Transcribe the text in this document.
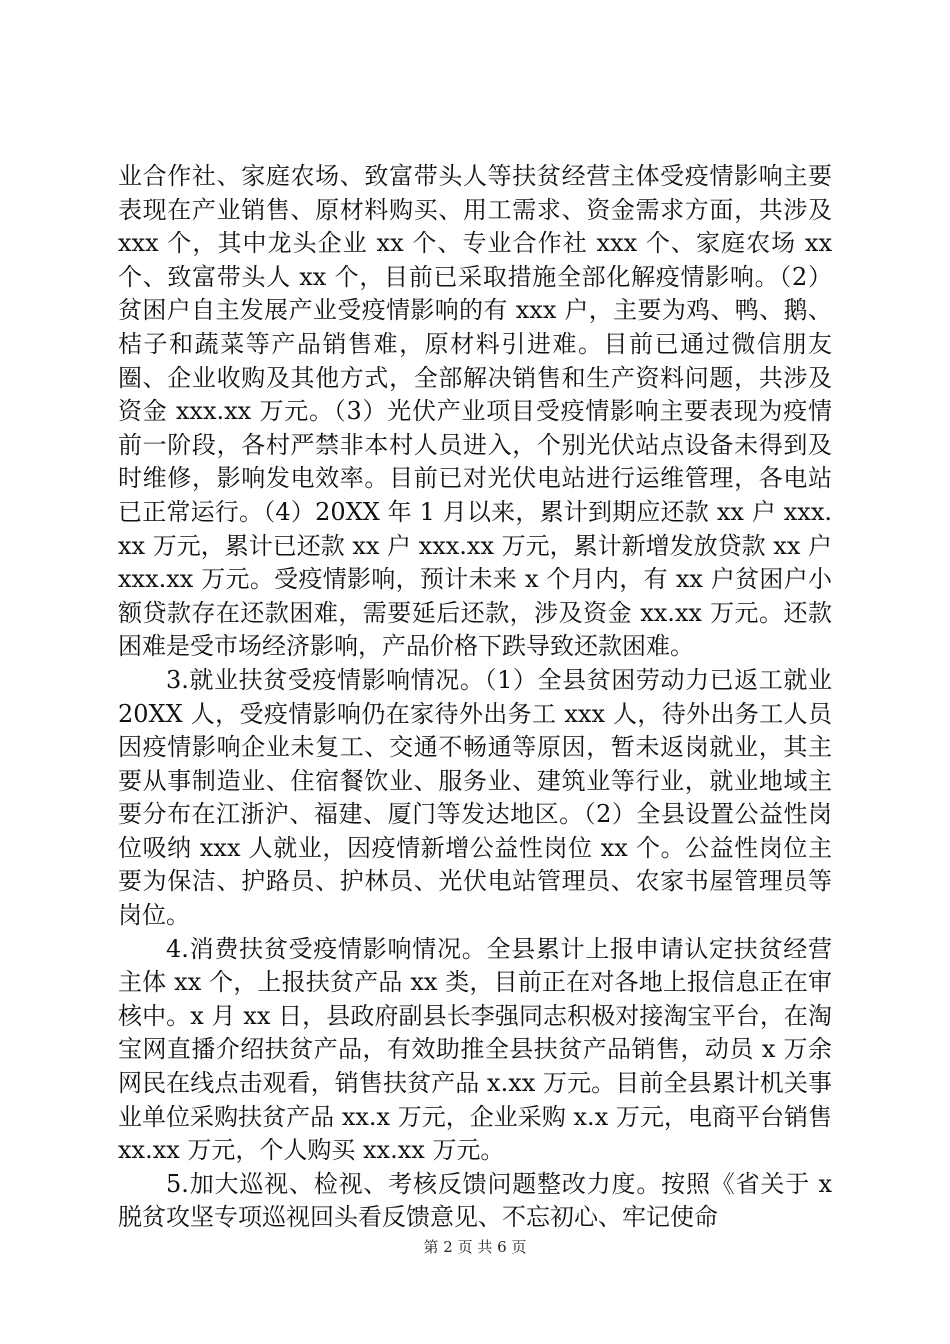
业合作社、家庭农场、致富带头人等扶贫经营主体受疫情影响主要表现在产业销售、原材料购买、用工需求、资金需求方面，共涉及 xxx 个，其中龙头企业 xx 个、专业合作社 xxx 个、家庭农场 xx 个、致富带头人 xx 个，目前已采取措施全部化解疫情影响。（2）贫困户自主发展产业受疫情影响的有 xxx 户，主要为鸡、鸭、鹅、桔子和蔬菜等产品销售难，原材料引进难。目前已通过微信朋友圈、企业收购及其他方式，全部解决销售和生产资料问题，共涉及资金 xxx.xx 万元。（3）光伏产业项目受疫情影响主要表现为疫情前一阶段，各村严禁非本村人员进入，个别光伏站点设备未得到及时维修，影响发电效率。目前已对光伏电站进行运维管理，各电站已正常运行。（4）20XX 年 1 月以来，累计到期应还款 xx 户 xxx.xx 万元，累计已还款 xx 户 xxx.xx 万元，累计新增发放贷款 xx 户 xxx.xx 万元。受疫情影响，预计未来 x 个月内，有 xx 户贫困户小额贷款存在还款困难，需要延后还款，涉及资金 xx.xx 万元。还款困难是受市场经济影响，产品价格下跌导致还款困难。

3.就业扶贫受疫情影响情况。（1）全县贫困劳动力已返工就业 20XX 人，受疫情影响仍在家待外出务工 xxx 人，待外出务工人员因疫情影响企业未复工、交通不畅通等原因，暂未返岗就业，其主要从事制造业、住宿餐饮业、服务业、建筑业等行业，就业地域主要分布在江浙沪、福建、厦门等发达地区。（2）全县设置公益性岗位吸纳 xxx 人就业，因疫情新增公益性岗位 xx 个。公益性岗位主要为保洁、护路员、护林员、光伏电站管理员、农家书屋管理员等岗位。

4.消费扶贫受疫情影响情况。全县累计上报申请认定扶贫经营主体 xx 个，上报扶贫产品 xx 类，目前正在对各地上报信息正在审核中。x 月 xx 日，县政府副县长李强同志积极对接淘宝平台，在淘宝网直播介绍扶贫产品，有效助推全县扶贫产品销售，动员 x 万余网民在线点击观看，销售扶贫产品 x.xx 万元。目前全县累计机关事业单位采购扶贫产品 xx.x 万元，企业采购 x.x 万元，电商平台销售 xx.xx 万元，个人购买 xx.xx 万元。

5.加大巡视、检视、考核反馈问题整改力度。按照《省关于 x 脱贫攻坚专项巡视回头看反馈意见、不忘初心、牢记使命

第 2 页 共 6 页
